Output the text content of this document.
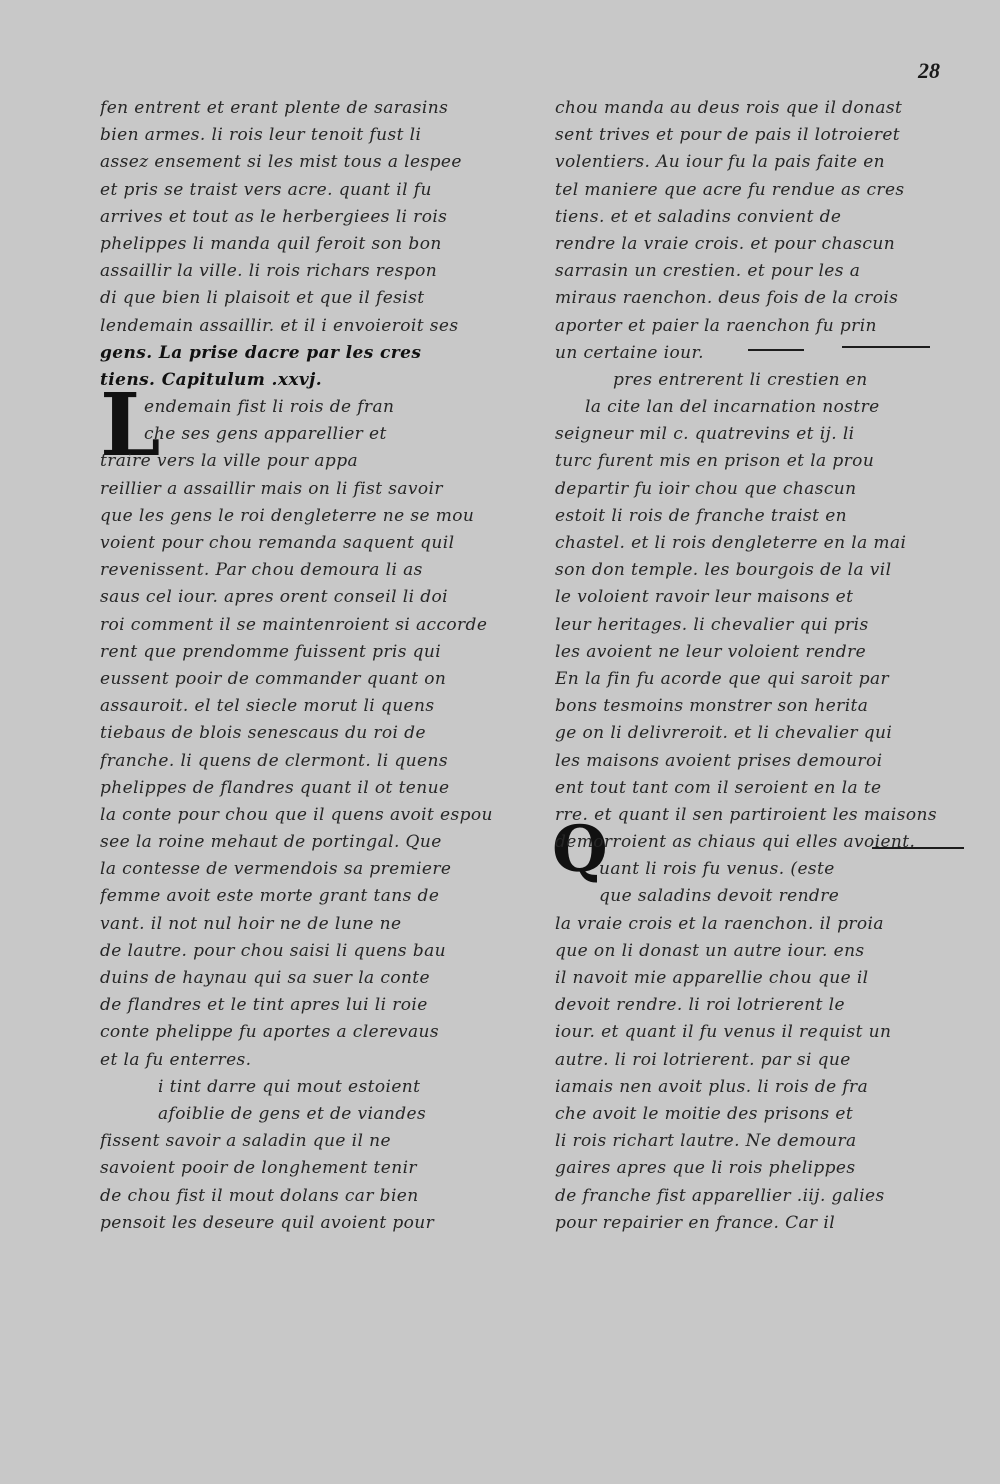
28
L
Q
fen entrent et erant plente de sarasins
bien armes. li rois leur tenoit fust li
assez ensement si les mist tous a lespee
et pris se traist vers acre. quant il fu
arrives et tout as le herbergiees li rois
phelippes li manda quil feroit son bon
assaillir la ville. li rois richars respon
di que bien li plaisoit et que il fesist
lendemain assaillir. et il i envoieroit ses
gens. La prise dacre par les cres
tiens. Capitulum .xxvj.
endemain fist li rois de fran
che ses gens apparellier et
traire vers la ville pour appa
reillier a assaillir mais on li fist savoir
que les gens le roi dengleterre ne se mou
voient pour chou remanda saquent quil
revenissent. Par chou demoura li as
saus cel iour. apres orent conseil li doi
roi comment il se maintenroient si accorde
rent que prendomme fuissent pris qui
eussent pooir de commander quant on
assauroit. el tel siecle morut li quens
tiebaus de blois senescaus du roi de
franche. li quens de clermont. li quens
phelippes de flandres quant il ot tenue
la conte pour chou que il quens avoit espou
see la roine mehaut de portingal. Que
la contesse de vermendois sa premiere
femme avoit este morte grant tans de
vant. il not nul hoir ne de lune ne
de lautre. pour chou saisi li quens bau
duins de haynau qui sa suer la conte
de flandres et le tint apres lui li roie
conte phelippe fu aportes a clerevaus
et la fu enterres.
i tint darre qui mout estoient
afoiblie de gens et de viandes
fissent savoir a saladin que il ne
savoient pooir de longhement tenir
de chou fist il mout dolans car bien
pensoit les deseure quil avoient pour
chou manda au deus rois que il donast
sent trives et pour de pais il lotroieret
volentiers. Au iour fu la pais faite en
tel maniere que acre fu rendue as cres
tiens. et et saladins convient de
rendre la vraie crois. et pour chascun
sarrasin un crestien. et pour les a
miraus raenchon. deus fois de la crois
aporter et paier la raenchon fu prin
un certaine iour.
pres entrerent li crestien en
la cite lan del incarnation nostre
seigneur mil c. quatrevins et ij. li
turc furent mis en prison et la prou
departir fu ioir chou que chascun
estoit li rois de franche traist en
chastel. et li rois dengleterre en la mai
son don temple. les bourgois de la vil
le voloient ravoir leur maisons et
leur heritages. li chevalier qui pris
les avoient ne leur voloient rendre
En la fin fu acorde que qui saroit par
bons tesmoins monstrer son herita
ge on li delivreroit. et li chevalier qui
les maisons avoient prises demouroi
ent tout tant com il seroient en la te
rre. et quant il sen partiroient les maisons
demorroient as chiaus qui elles avoient.
uant li rois fu venus. (este
que saladins devoit rendre
la vraie crois et la raenchon. il proia
que on li donast un autre iour. ens
il navoit mie apparellie chou que il
devoit rendre. li roi lotrierent le
iour. et quant il fu venus il requist un
autre. li roi lotrierent. par si que
iamais nen avoit plus. li rois de fra
che avoit le moitie des prisons et
li rois richart lautre. Ne demoura
gaires apres que li rois phelippes
de franche fist apparellier .iij. galies
pour repairier en france. Car il
